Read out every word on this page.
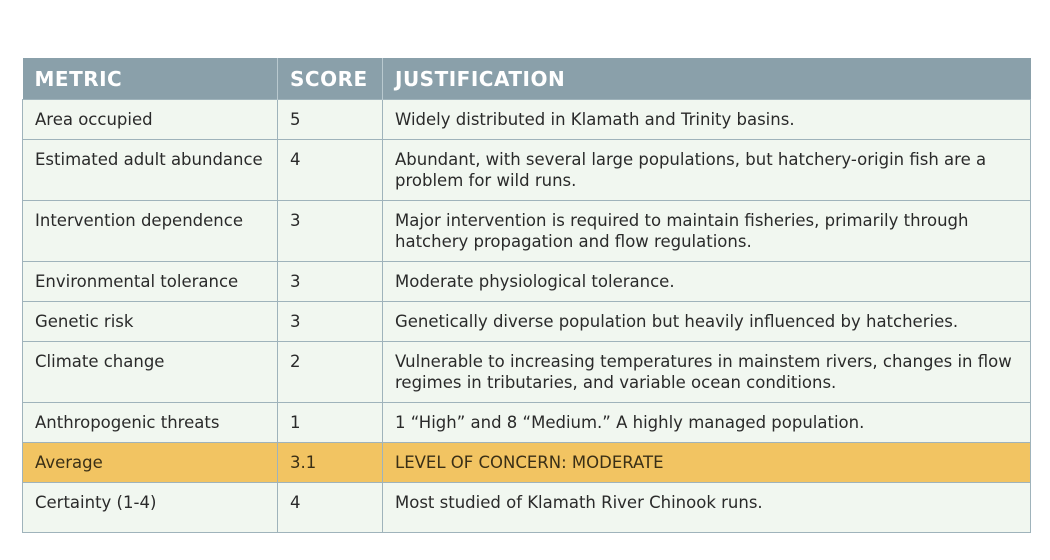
METRIC	SCORE	JUSTIFICATION
Area occupied	5	Widely distributed in Klamath and Trinity basins.
Estimated adult abundance	4	Abundant, with several large populations, but hatchery-origin fish are a problem for wild runs.
Intervention dependence	3	Major intervention is required to maintain fisheries, primarily through hatchery propagation and flow regulations.
Environmental tolerance	3	Moderate physiological tolerance.
Genetic risk	3	Genetically diverse population but heavily influenced by hatcheries.
Climate change	2	Vulnerable to increasing temperatures in mainstem rivers, changes in flow regimes in tributaries, and variable ocean conditions.
Anthropogenic threats	1	1 “High” and 8 “Medium.” A highly managed population.
Average	3.1	LEVEL OF CONCERN: MODERATE
Certainty (1-4)	4	Most studied of Klamath River Chinook runs.
